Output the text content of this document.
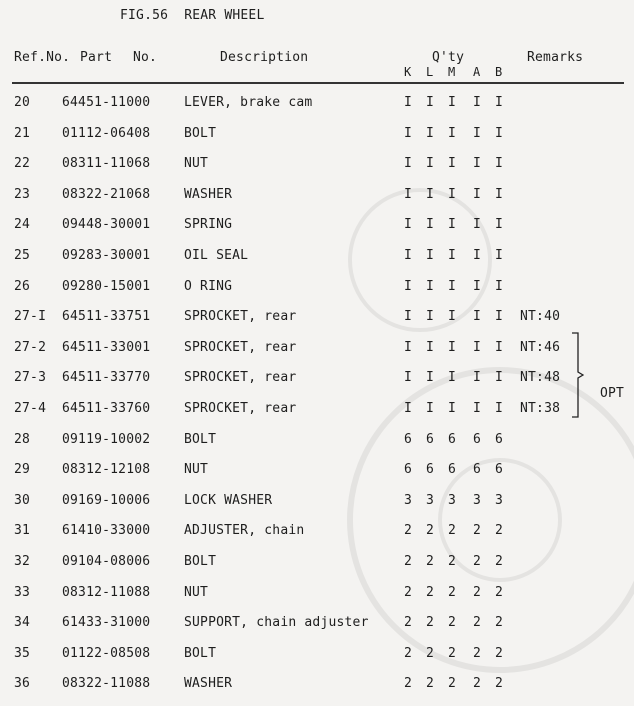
FIG.56  REAR WHEEL
Ref.No. Part No.	Description	Q'ty	Remarks
K L M A B
20 64451-11000	LEVER, brake cam	I I I I I
21 01112-06408	BOLT	I I I I I
22 08311-11068	NUT	I I I I I
23 08322-21068	WASHER	I I I I I
24 09448-30001	SPRING	I I I I I
25 09283-30001	OIL SEAL	I I I I I
26 09280-15001	O RING	I I I I I
27-I 64511-33751	SPROCKET, rear	I I I I I NT:40
27-2 64511-33001	SPROCKET, rear	I I I I I NT:46
27-3 64511-33770	SPROCKET, rear	I I I I I NT:48
27-4 64511-33760	SPROCKET, rear	I I I I I NT:38
28 09119-10002	BOLT	6 6 6 6 6
29 08312-12108	NUT	6 6 6 6 6
30 09169-10006	LOCK WASHER	3 3 3 3 3
31 61410-33000	ADJUSTER, chain	2 2 2 2 2
32 09104-08006	BOLT	2 2 2 2 2
33 08312-11088	NUT	2 2 2 2 2
34 61433-31000	SUPPORT, chain adjuster	2 2 2 2 2
35 01122-08508	BOLT	2 2 2 2 2
36 08322-11088	WASHER	2 2 2 2 2
OPT
